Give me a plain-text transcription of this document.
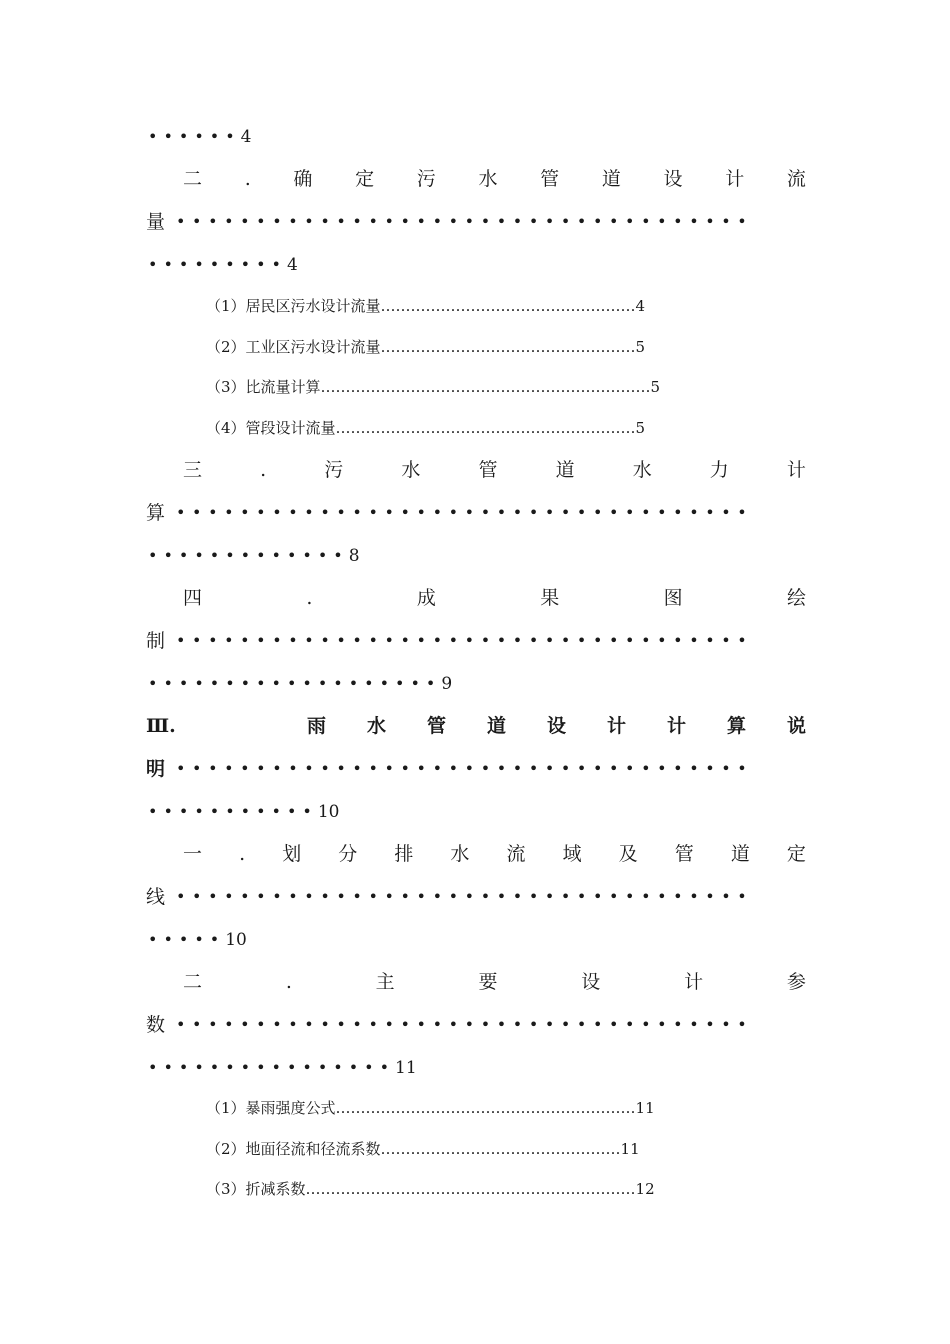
••••••4
二 . 确 定 污 水 管 道 设 计 流
量 ••••••••••••••••••••••••••••••••••••
•••••••••4
（1）居民区污水设计流量……………………………………………4
（2）工业区污水设计流量……………………………………………5
（3）比流量计算…………………………………………………………5
（4）管段设计流量……………………………………………………5
三	.	污	水	管	道	水	力	计
算 ••••••••••••••••••••••••••••••••••••
•••••••••••••8
四	.	成	果	图	绘
制 ••••••••••••••••••••••••••••••••••••
•••••••••••••••••••9
Ⅲ.	雨 水 管 道 设 计 计 算 说
明 ••••••••••••••••••••••••••••••••••••
•••••••••••10
一 . 划 分 排 水 流 域 及 管 道 定
线 ••••••••••••••••••••••••••••••••••••
•••••10
二	.	主	要	设	计	参
数 ••••••••••••••••••••••••••••••••••••
••••••••••••••••11
（1）暴雨强度公式……………………………………………………11
（2）地面径流和径流系数…………………………………………11
（3）折减系数…………………………………………………………12
